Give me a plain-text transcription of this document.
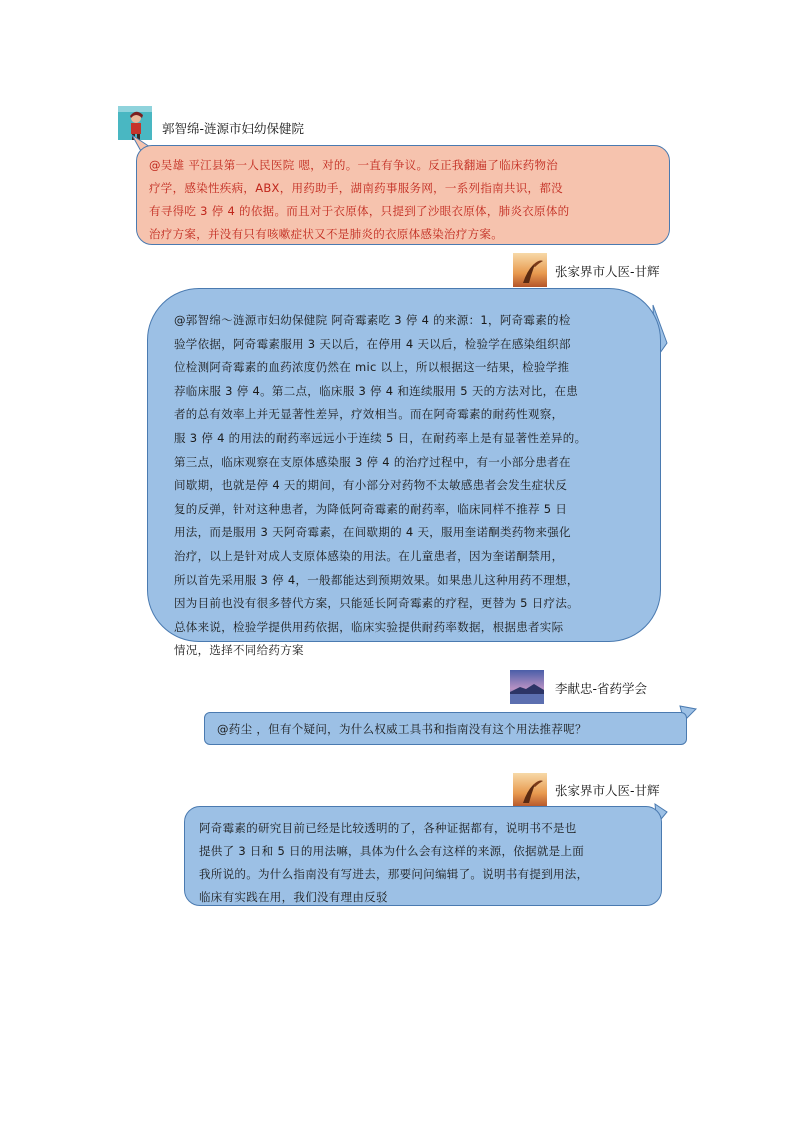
郭智绵-涟源市妇幼保健院

@吴雄 平江县第一人民医院 嗯，对的。一直有争议。反正我翻遍了临床药物治

疗学，感染性疾病，ABX，用药助手，湖南药事服务网，一系列指南共识，都没

有寻得吃 3 停 4 的依据。而且对于衣原体，只提到了沙眼衣原体，肺炎衣原体的

治疗方案，并没有只有咳嗽症状又不是肺炎的衣原体感染治疗方案。

张家界市人医-甘辉

@郭智绵～涟源市妇幼保健院 阿奇霉素吃 3 停 4 的来源：1，阿奇霉素的检

验学依据，阿奇霉素服用 3 天以后，在停用 4 天以后，检验学在感染组织部

位检测阿奇霉素的血药浓度仍然在 mic 以上，所以根据这一结果，检验学推

荐临床服 3 停 4。第二点，临床服 3 停 4 和连续服用 5 天的方法对比，在患

者的总有效率上并无显著性差异，疗效相当。而在阿奇霉素的耐药性观察，

服 3 停 4 的用法的耐药率远远小于连续 5 日，在耐药率上是有显著性差异的。

第三点，临床观察在支原体感染服 3 停 4 的治疗过程中，有一小部分患者在

间歇期，也就是停 4 天的期间，有小部分对药物不太敏感患者会发生症状反

复的反弹，针对这种患者，为降低阿奇霉素的耐药率，临床同样不推荐 5 日

用法，而是服用 3 天阿奇霉素，在间歇期的 4 天，服用奎诺酮类药物来强化

治疗，以上是针对成人支原体感染的用法。在儿童患者，因为奎诺酮禁用，

所以首先采用服 3 停 4，一般都能达到预期效果。如果患儿这种用药不理想，

因为目前也没有很多替代方案，只能延长阿奇霉素的疗程，更替为 5 日疗法。

总体来说，检验学提供用药依据，临床实验提供耐药率数据，根据患者实际

情况，选择不同给药方案

李献忠-省药学会

@药尘 ，但有个疑问，为什么权威工具书和指南没有这个用法推荐呢？

张家界市人医-甘辉

阿奇霉素的研究目前已经是比较透明的了，各种证据都有，说明书不是也

提供了 3 日和 5 日的用法嘛，具体为什么会有这样的来源，依据就是上面

我所说的。为什么指南没有写进去，那要问问编辑了。说明书有提到用法，

临床有实践在用，我们没有理由反驳
